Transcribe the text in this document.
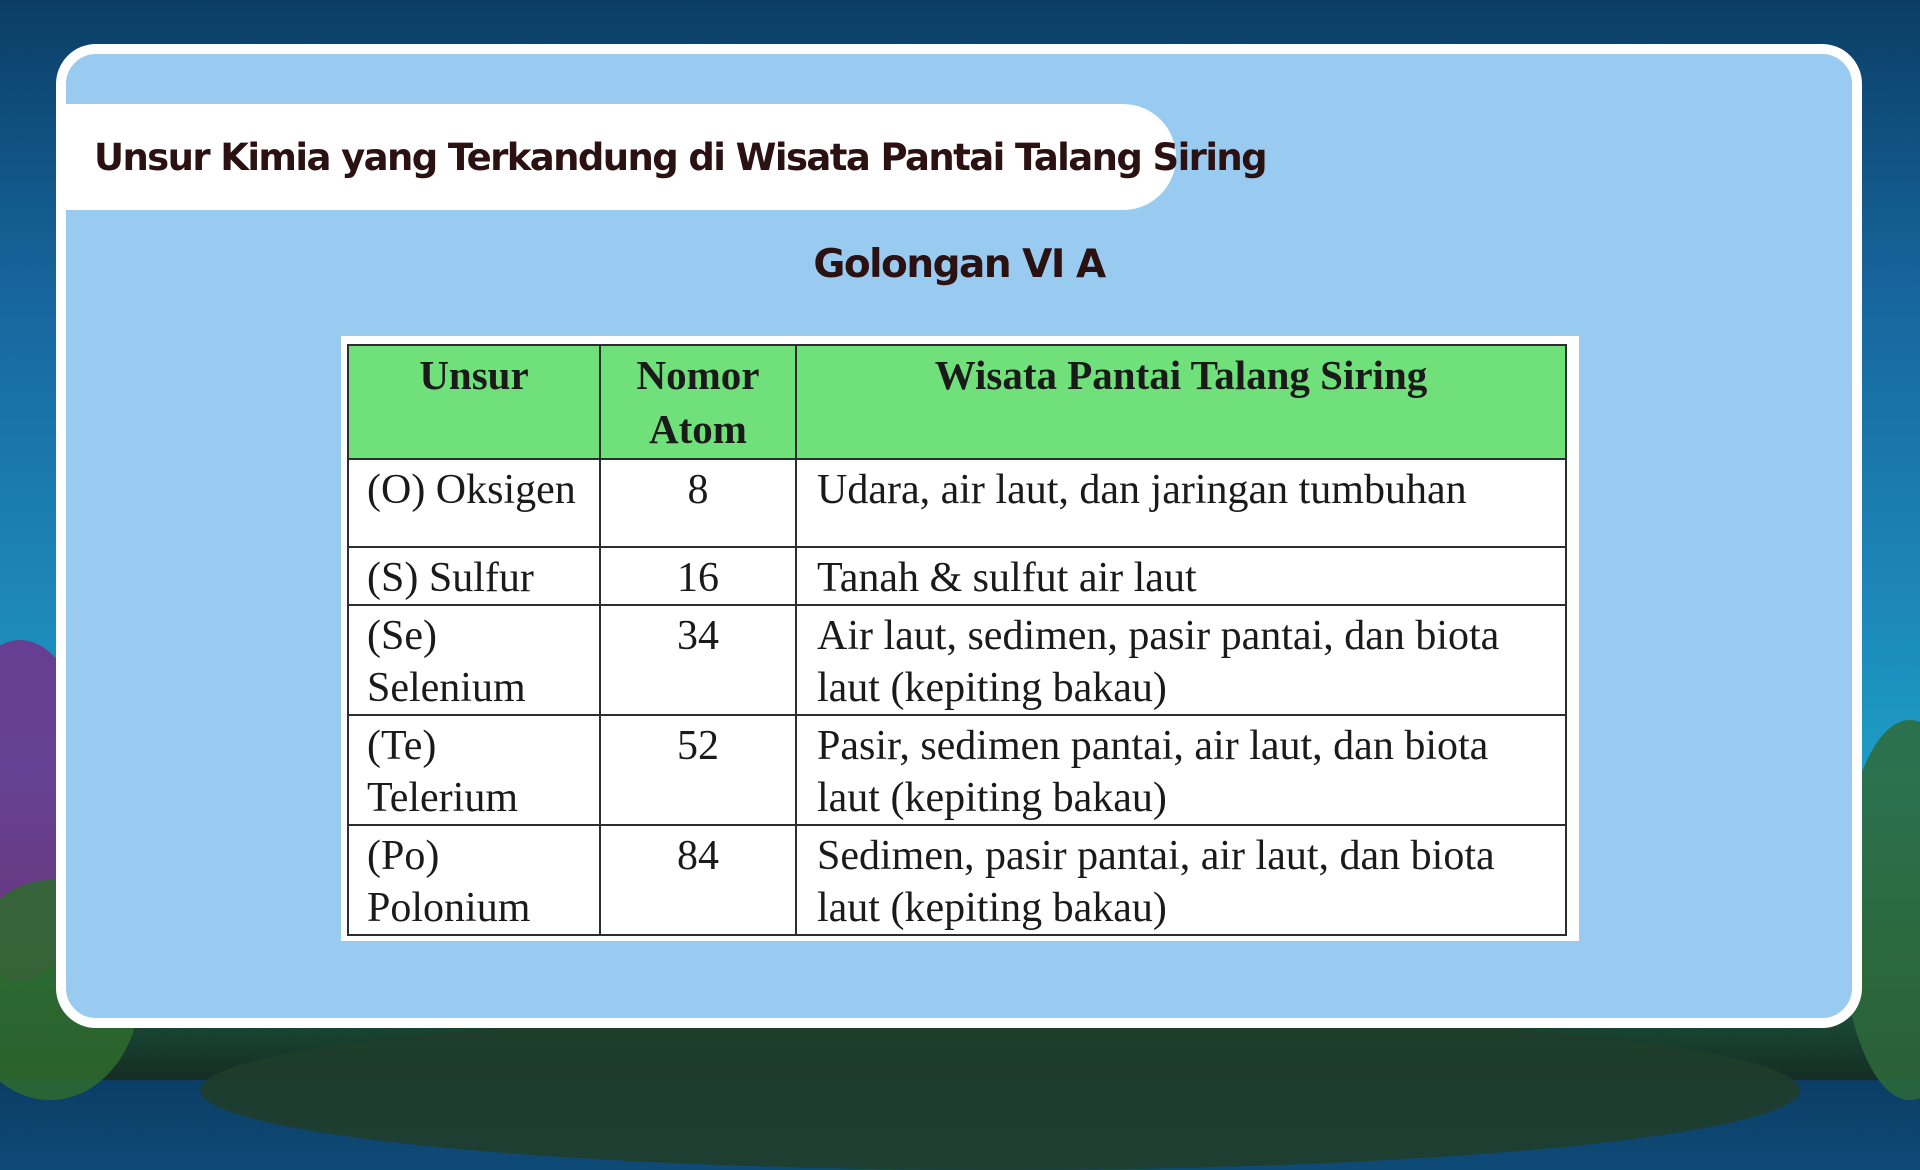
Unsur Kimia yang Terkandung di Wisata Pantai Talang Siring
Golongan VI A
Unsur	Nomor Atom	Wisata Pantai Talang Siring
(O) Oksigen	8	Udara, air laut, dan jaringan tumbuhan
(S) Sulfur	16	Tanah & sulfut air laut
(Se) Selenium	34	Air laut, sedimen, pasir pantai, dan biota laut (kepiting bakau)
(Te) Telerium	52	Pasir, sedimen pantai, air laut, dan biota laut (kepiting bakau)
(Po) Polonium	84	Sedimen, pasir pantai, air laut, dan biota laut (kepiting bakau)
